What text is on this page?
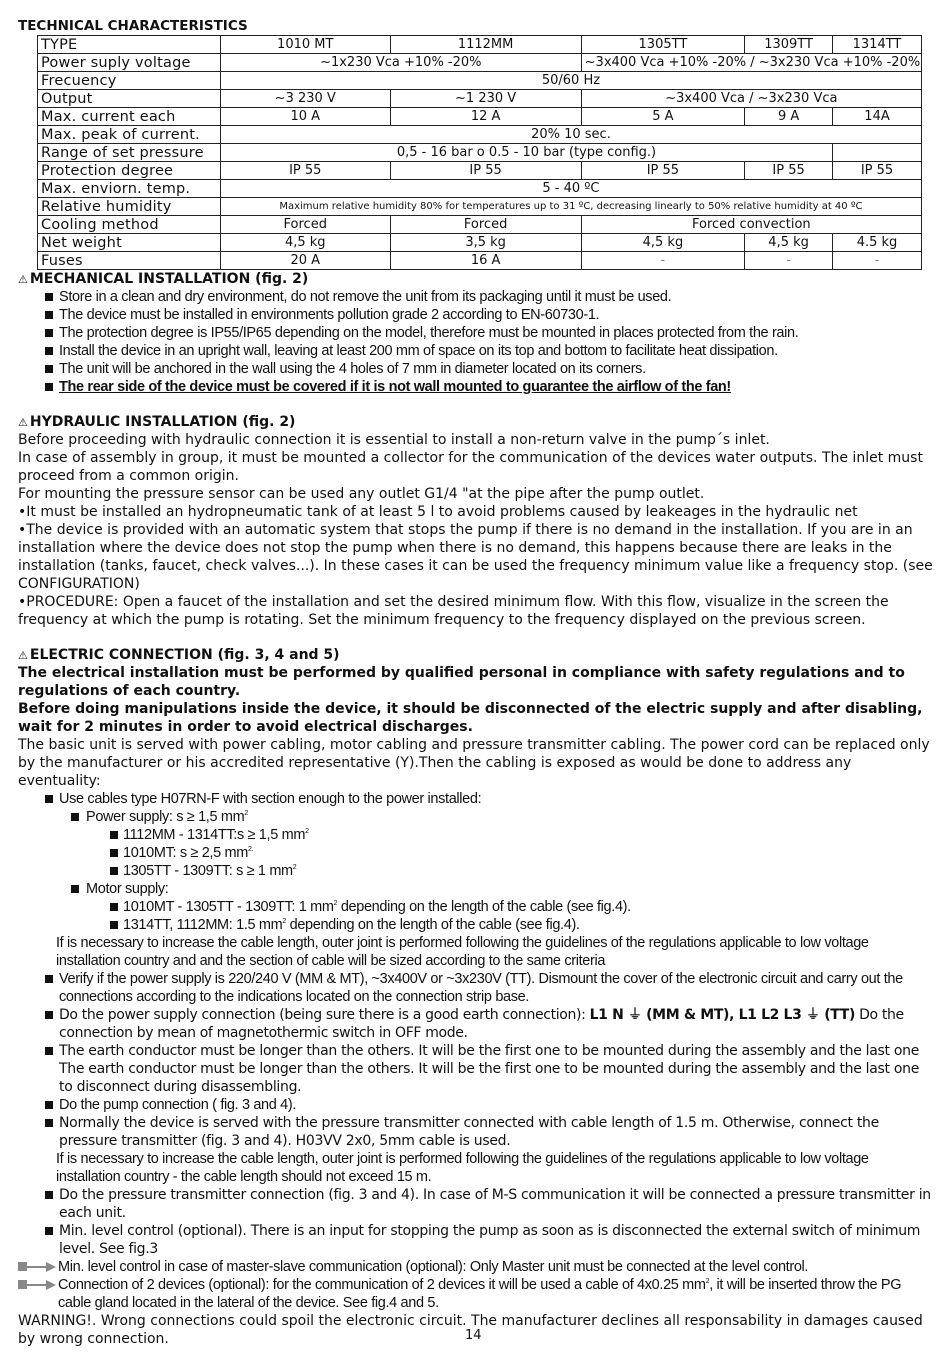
TECHNICAL CHARACTERISTICS
TYPE	1010 MT	1112MM	1305TT	1309TT	1314TT
Power suply voltage	~1x230 Vca +10% -20%		~3x400 Vca +10% -20% / ~3x230 Vca +10% -20%		
Frecuency	50/60 Hz				
Output	~3 230 V	~1 230 V	~3x400 Vca / ~3x230 Vca		
Max. current each	10 A	12 A	5 A	9 A	14A
Max. peak of current.	20% 10 sec.				
Range of set pressure	0,5 - 16 bar o 0.5 - 10 bar (type config.)				
Protection degree	IP 55	IP 55	IP 55	IP 55	IP 55
Max. enviorn. temp.	5 - 40 ºC				
Relative humidity	Maximum relative humidity 80% for temperatures up to 31 ºC, decreasing linearly to 50% relative humidity at 40 ºC				
Cooling method	Forced	Forced	Forced convection		
Net weight	4,5 kg	3,5 kg	4,5 kg	4,5 kg	4.5 kg
Fuses	20 A	16 A	-	-	-
⚠ MECHANICAL INSTALLATION (fig. 2)
Store in a clean and dry environment, do not remove the unit from its packaging until it must be used.
The device must be installed in environments pollution grade 2 according to EN-60730-1.
The protection degree is IP55/IP65 depending on the model, therefore must be mounted in places protected from the rain.
Install the device in an upright wall, leaving at least 200 mm of space on its top and bottom to facilitate heat dissipation.
The unit will be anchored in the wall using the 4 holes of 7 mm in diameter located on its corners.
The rear side of the device must be covered if it is not wall mounted to guarantee the airflow of the fan!
⚠ HYDRAULIC INSTALLATION (fig. 2)

Before proceeding with hydraulic connection it is essential to install a non-return valve in the pump´s inlet.

In case of assembly in group, it must be mounted a collector for the communication of the devices water outputs. The inlet must proceed from a common origin.

For mounting the pressure sensor can be used any outlet G1/4 "at the pipe after the pump outlet.

•It must be installed an hydropneumatic tank of at least 5 l to avoid problems caused by leakeages in the hydraulic net

•The device is provided with an automatic system that stops the pump if there is no demand in the installation. If you are in an installation where the device does not stop the pump when there is no demand, this happens because there are leaks in the installation (tanks, faucet, check valves...). In these cases it can be used the frequency minimum value like a frequency stop. (see CONFIGURATION)

•PROCEDURE: Open a faucet of the installation and set the desired minimum flow. With this flow, visualize in the screen the frequency at which the pump is rotating. Set the minimum frequency to the frequency displayed on the previous screen.

⚠ ELECTRIC CONNECTION (fig. 3, 4 and 5)
The electrical installation must be performed by qualified personal in compliance with safety regulations and to regulations of each country.
Before doing manipulations inside the device, it should be disconnected of the electric supply and after disabling, wait for 2 minutes in order to avoid electrical discharges.
The basic unit is served with power cabling, motor cabling and pressure transmitter cabling. The power cord can be replaced only by the manufacturer or his accredited representative (Y).Then the cabling is exposed as would be done to address any eventuality:
Use cables type H07RN-F with section enough to the power installed:
Power supply: s ≥ 1,5 $mm^2$
1112MM - 1314TT:s ≥ 1,5 $mm^2$
1010MT: s ≥ 2,5 $mm^{2.}$
1305TT - 1309TT: s ≥ 1 $mm^2$
Motor supply:
1010MT - 1305TT - 1309TT: 1 $mm^2$ depending on the length of the cable (see fig.4).
1314TT, 1112MM: 1.5 $mm^2$ depending on the length of the cable (see fig.4).
If is necessary to increase the cable length, outer joint is performed following the guidelines of the regulations applicable to low voltage installation country and and the section of cable will be sized according to the same criteria
Verify if the power supply is 220/240 V (MM & MT), ~3x400V or ~3x230V (TT). Dismount the cover of the electronic circuit and carry out the connections according to the indications located on the connection strip base.
Do the power supply connection (being sure there is a good earth connection): L1 N ⏚ (MM & MT), L1 L2 L3 ⏚ (TT) Do the connection by mean of magnetothermic switch in OFF mode.
The earth conductor must be longer than the others. It will be the first one to be mounted during the assembly and the last one The earth conductor must be longer than the others. It will be the first one to be mounted during the assembly and the last one to disconnect during disassembling.
Do the pump connection ( fig. 3 and 4).
Normally the device is served with the pressure transmitter connected with cable length of 1.5 m. Otherwise, connect the pressure transmitter (fig. 3 and 4). H03VV 2x0, 5mm cable is used.
If is necessary to increase the cable length, outer joint is performed following the guidelines of the regulations applicable to low voltage installation country - the cable length should not exceed 15 m.
Do the pressure transmitter connection (fig. 3 and 4). In case of M-S communication it will be connected a pressure transmitter in each unit.
Min. level control (optional). There is an input for stopping the pump as soon as is disconnected the external switch of minimum level. See fig.3
Min. level control in case of master-slave communication (optional): Only Master unit must be connected at the level control.
Connection of 2 devices (optional): for the communication of 2 devices it will be used a cable of 4x0.25 $mm^2$, it will be inserted throw the PG cable gland located in the lateral of the device. See fig.4 and 5.
WARNING!. Wrong connections could spoil the electronic circuit. The manufacturer declines all responsability in damages caused by wrong connection.	14
